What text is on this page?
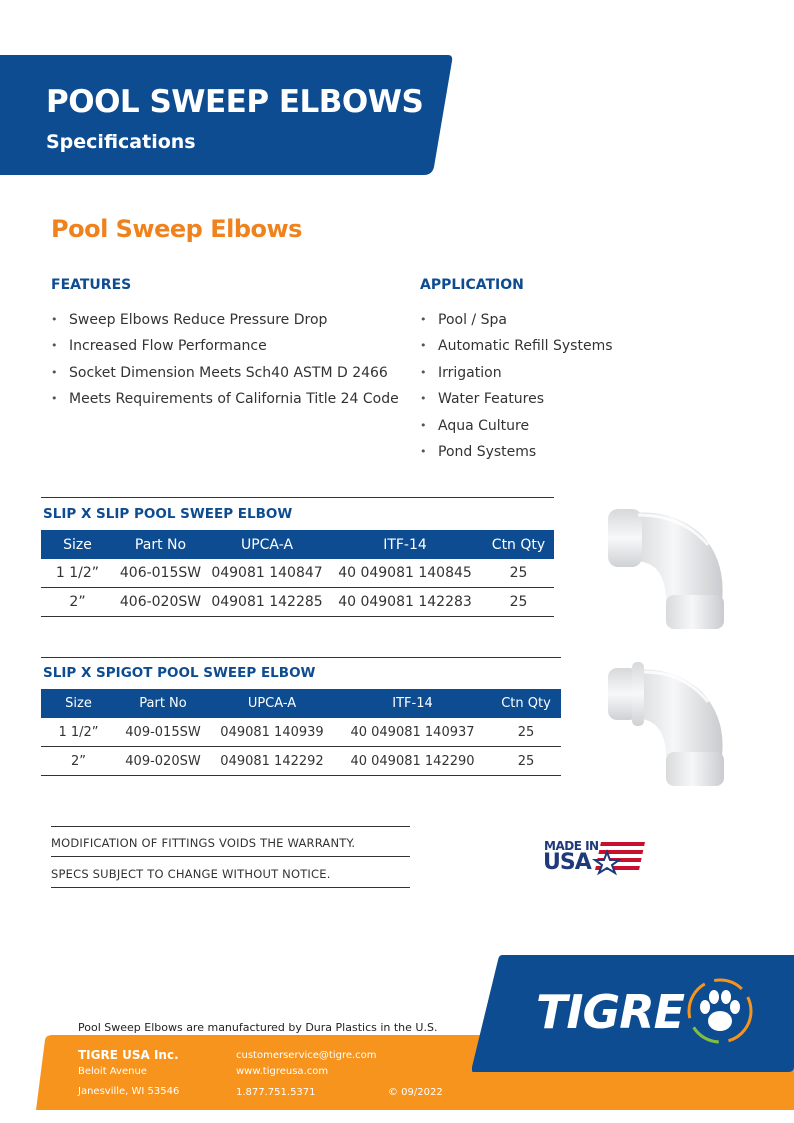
POOL SWEEP ELBOWS
Specifications
Pool Sweep Elbows
FEATURES
• Sweep Elbows Reduce Pressure Drop
• Increased Flow Performance
• Socket Dimension Meets Sch40 ASTM D 2466
• Meets Requirements of California Title 24 Code
APPLICATION
• Pool / Spa
• Automatic Refill Systems
• Irrigation
• Water Features
• Aqua Culture
• Pond Systems
SLIP X SLIP POOL SWEEP ELBOW
Size	Part No	UPCA-A	ITF-14	Ctn Qty
1 1/2”	406-015SW	049081 140847	40 049081 140845	25
2”	406-020SW	049081 142285	40 049081 142283	25
SLIP X SPIGOT POOL SWEEP ELBOW
Size	Part No	UPCA-A	ITF-14	Ctn Qty
1 1/2”	409-015SW	049081 140939	40 049081 140937	25
2”	409-020SW	049081 142292	40 049081 142290	25
MODIFICATION OF FITTINGS VOIDS THE WARRANTY.
SPECS SUBJECT TO CHANGE WITHOUT NOTICE.
MADE IN
USA
Pool Sweep Elbows are manufactured by Dura Plastics in the U.S.
TIGRE USA Inc.
Beloit Avenue
Janesville, WI 53546
customerservice@tigre.com
www.tigreusa.com
1.877.751.5371	© 09/2022
TIGRE
